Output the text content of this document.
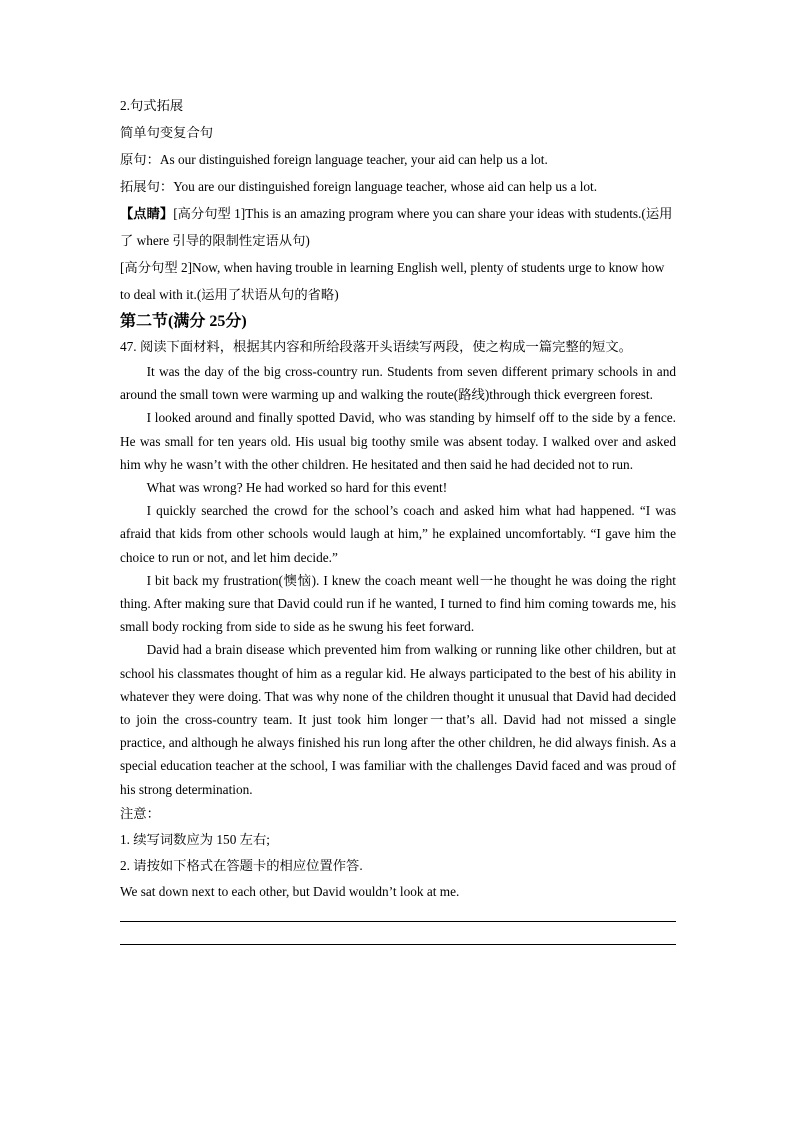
2.句式拓展

简单句变复合句

原句：As our distinguished foreign language teacher, your aid can help us a lot.

拓展句：You are our distinguished foreign language teacher, whose aid can help us a lot.

【点睛】[高分句型 1]This is an amazing program where you can share your ideas with students.(运用了 where 引导的限制性定语从句)

[高分句型 2]Now, when having trouble in learning English well, plenty of students urge to know how to deal with it.(运用了状语从句的省略)

第二节(满分 25分)

47. 阅读下面材料，根据其内容和所给段落开头语续写两段，使之构成一篇完整的短文。

It was the day of the big cross-country run. Students from seven different primary schools in and around the small town were warming up and walking the route(路线)through thick evergreen forest.

I looked around and finally spotted David, who was standing by himself off to the side by a fence. He was small for ten years old. His usual big toothy smile was absent today. I walked over and asked him why he wasn’t with the other children. He hesitated and then said he had decided not to run.

What was wrong? He had worked so hard for this event!

I quickly searched the crowd for the school’s coach and asked him what had happened. “I was afraid that kids from other schools would laugh at him,” he explained uncomfortably. “I gave him the choice to run or not, and let him decide.”

I bit back my frustration(懊恼). I knew the coach meant well一he thought he was doing the right thing. After making sure that David could run if he wanted, I turned to find him coming towards me, his small body rocking from side to side as he swung his feet forward.

David had a brain disease which prevented him from walking or running like other children, but at school his classmates thought of him as a regular kid. He always participated to the best of his ability in whatever they were doing. That was why none of the children thought it unusual that David had decided to join the cross-country team. It just took him longer一that’s all. David had not missed a single practice, and although he always finished his run long after the other children, he did always finish. As a special education teacher at the school, I was familiar with the challenges David faced and was proud of his strong determination.

注意：

1. 续写词数应为 150 左右;

2. 请按如下格式在答题卡的相应位置作答.

We sat down next to each other, but David wouldn’t look at me.
